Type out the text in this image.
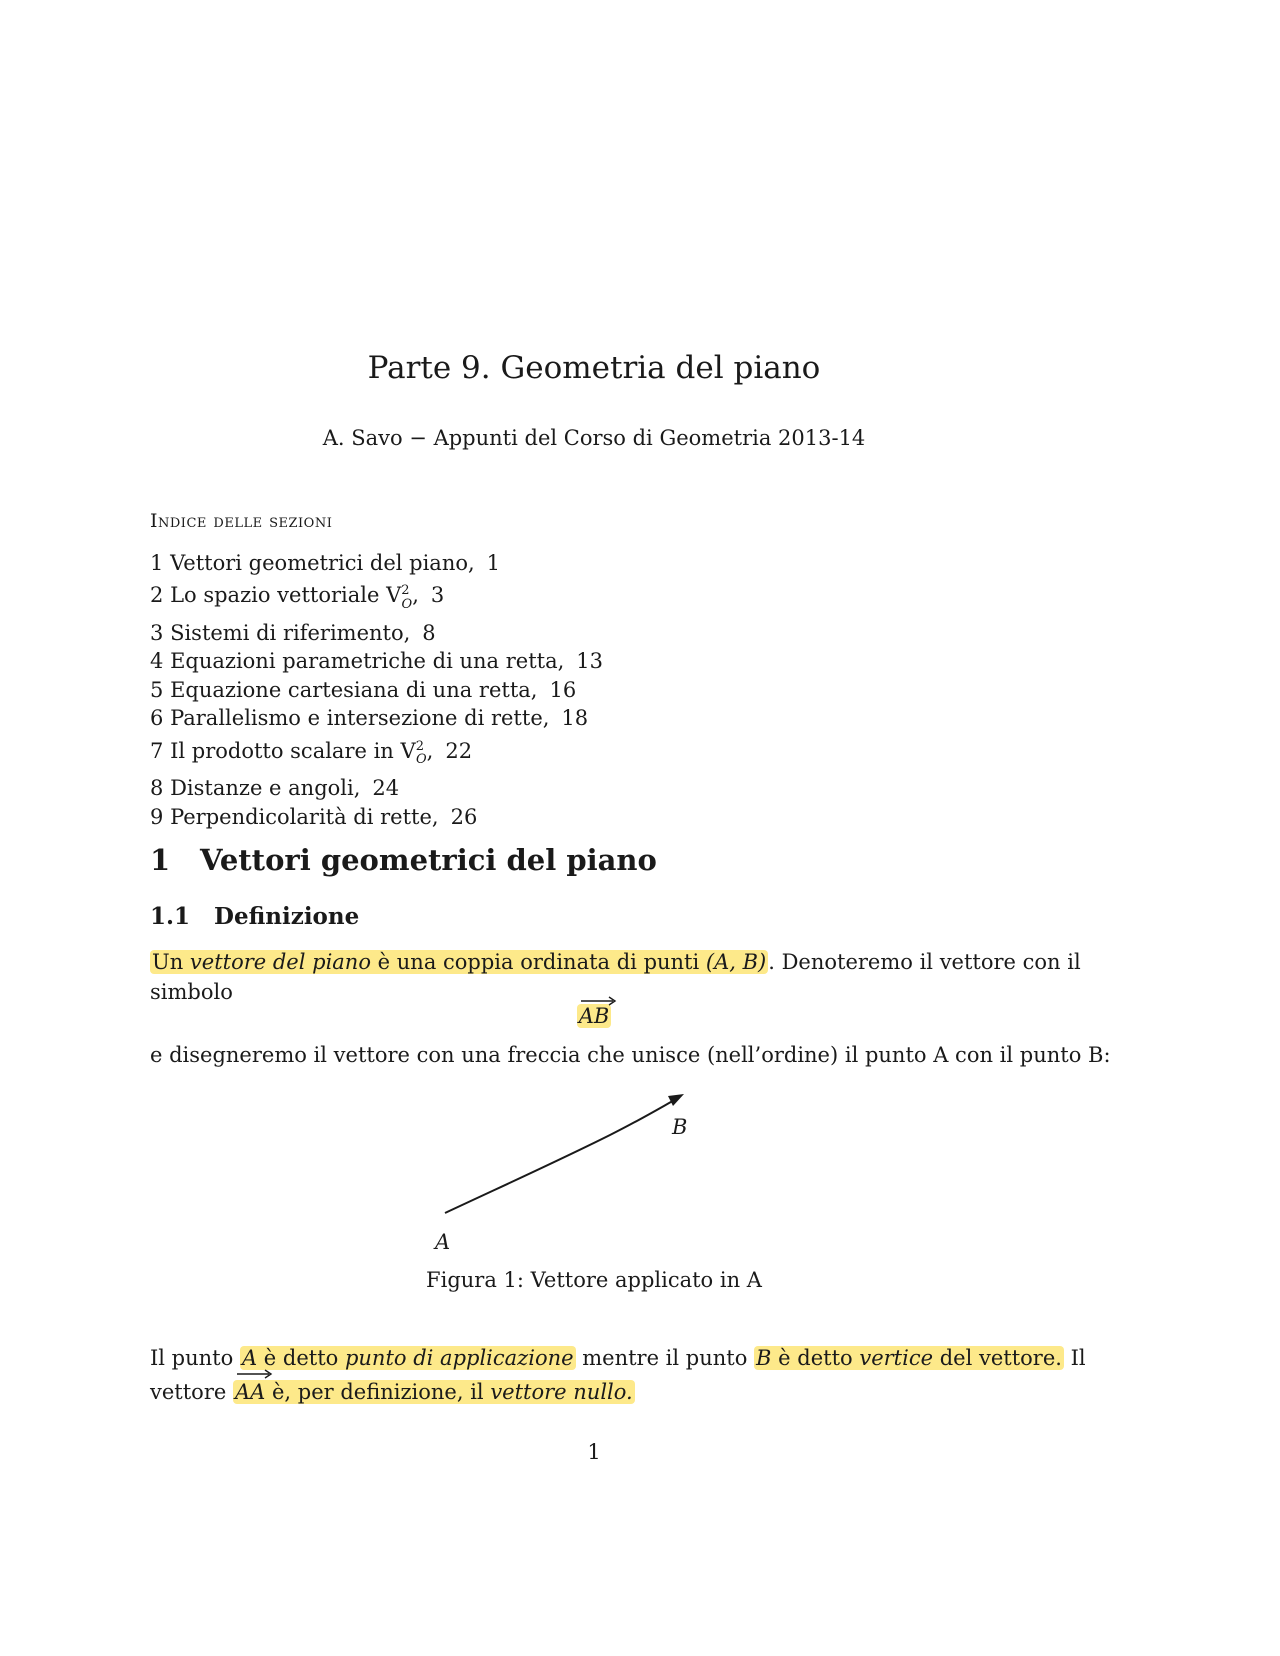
Parte 9. Geometria del piano
A. Savo − Appunti del Corso di Geometria 2013-14
Indice delle sezioni
1 Vettori geometrici del piano, 1
2 Lo spazio vettoriale $V^2_O$, 3
3 Sistemi di riferimento, 8
4 Equazioni parametriche di una retta, 13
5 Equazione cartesiana di una retta, 16
6 Parallelismo e intersezione di rette, 18
7 Il prodotto scalare in $V^2_O$, 22
8 Distanze e angoli, 24
9 Perpendicolarità di rette, 26
1 Vettori geometrici del piano
1.1 Definizione
Un vettore del piano è una coppia ordinata di punti (A, B). Denoteremo il vettore con il
simbolo
AB
e disegneremo il vettore con una freccia che unisce (nell’ordine) il punto A con il punto B:
B
A
Figura 1: Vettore applicato in A
Il punto A è detto punto di applicazione mentre il punto B è detto vertice del vettore. Il
vettore
AA è, per definizione, il vettore nullo.
1
